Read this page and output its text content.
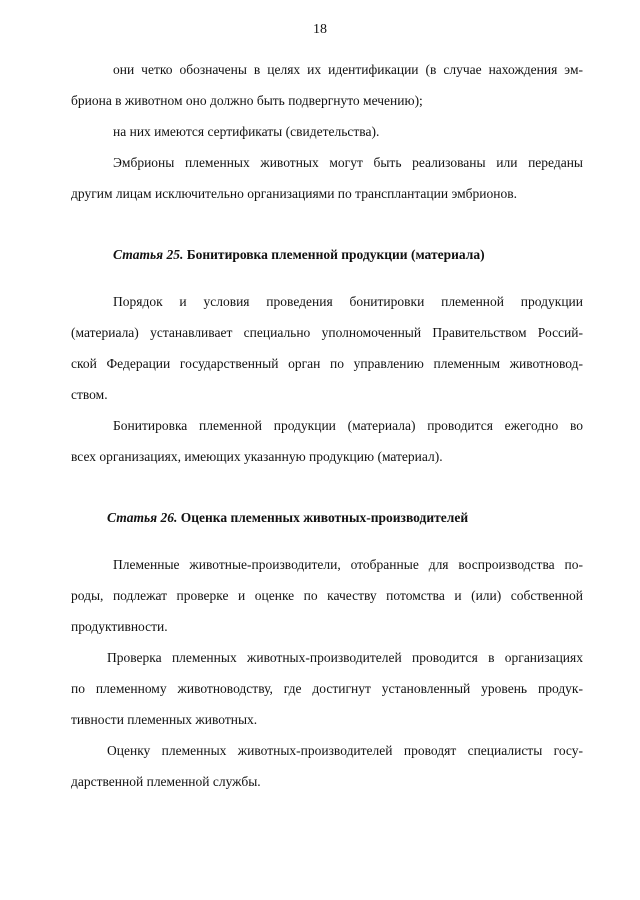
18
они четко обозначены в целях их идентификации (в случае нахождения эм-
бриона в животном оно должно быть подвергнуто мечению);
на них имеются сертификаты (свидетельства).
Эмбрионы племенных животных могут быть реализованы или переданы
другим лицам исключительно организациями по трансплантации эмбрионов.
Статья 25. Бонитировка племенной продукции (материала)
Порядок и условия проведения бонитировки племенной продукции
(материала) устанавливает специально уполномоченный Правительством Россий-
ской Федерации государственный орган по управлению племенным животновод-
ством.
Бонитировка племенной продукции (материала) проводится ежегодно во
всех организациях, имеющих указанную продукцию (материал).
Статья 26. Оценка племенных животных-производителей
Племенные животные-производители, отобранные для воспроизводства по-
роды, подлежат проверке и оценке по качеству потомства и (или) собственной
продуктивности.
Проверка племенных животных-производителей проводится в организациях
по племенному животноводству, где достигнут установленный уровень продук-
тивности племенных животных.
Оценку племенных животных-производителей проводят специалисты госу-
дарственной племенной службы.
